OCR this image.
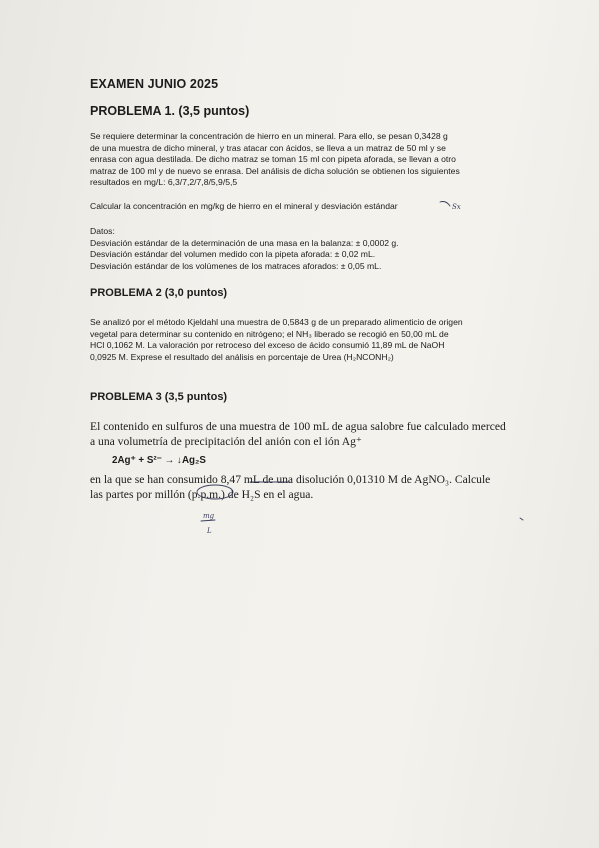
EXAMEN JUNIO 2025
PROBLEMA 1. (3,5 puntos)
Se requiere determinar la concentración de hierro en un mineral. Para ello, se pesan 0,3428 g
de una muestra de dicho mineral, y tras atacar con ácidos, se lleva a un matraz de 50 ml y se
enrasa con agua destilada. De dicho matraz se toman 15 ml con pipeta aforada, se llevan a otro
matraz de 100 ml y de nuevo se enrasa. Del análisis de dicha solución se obtienen los siguientes
resultados en mg/L: 6,3/7,2/7,8/5,9/5,5
Calcular la concentración en mg/kg de hierro en el mineral y desviación estándar
Datos:
Desviación estándar de la determinación de una masa en la balanza: ± 0,0002 g.
Desviación estándar del volumen medido con la pipeta aforada: ± 0,02 mL.
Desviación estándar de los volúmenes de los matraces aforados: ± 0,05 mL.
PROBLEMA 2 (3,0 puntos)
Se analizó por el método Kjeldahl una muestra de 0,5843 g de un preparado alimenticio de origen
vegetal para determinar su contenido en nitrógeno; el NH₃ liberado se recogió en 50,00 mL de
HCl 0,1062 M. La valoración por retroceso del exceso de ácido consumió 11,89 mL de NaOH
0,0925 M. Exprese el resultado del análisis en porcentaje de Urea (H₂NCONH₂)
PROBLEMA 3 (3,5 puntos)
El contenido en sulfuros de una muestra de 100 mL de agua salobre fue calculado merced
a una volumetría de precipitación del anión con el ión Ag⁺
2Ag⁺ + S²⁻ → ↓Ag₂S
en la que se han consumido 8,47 mL de una disolución 0,01310 M de AgNO₃. Calcule
las partes por millón (p.p.m.) de H₂S en el agua.
Sx
mg
L
